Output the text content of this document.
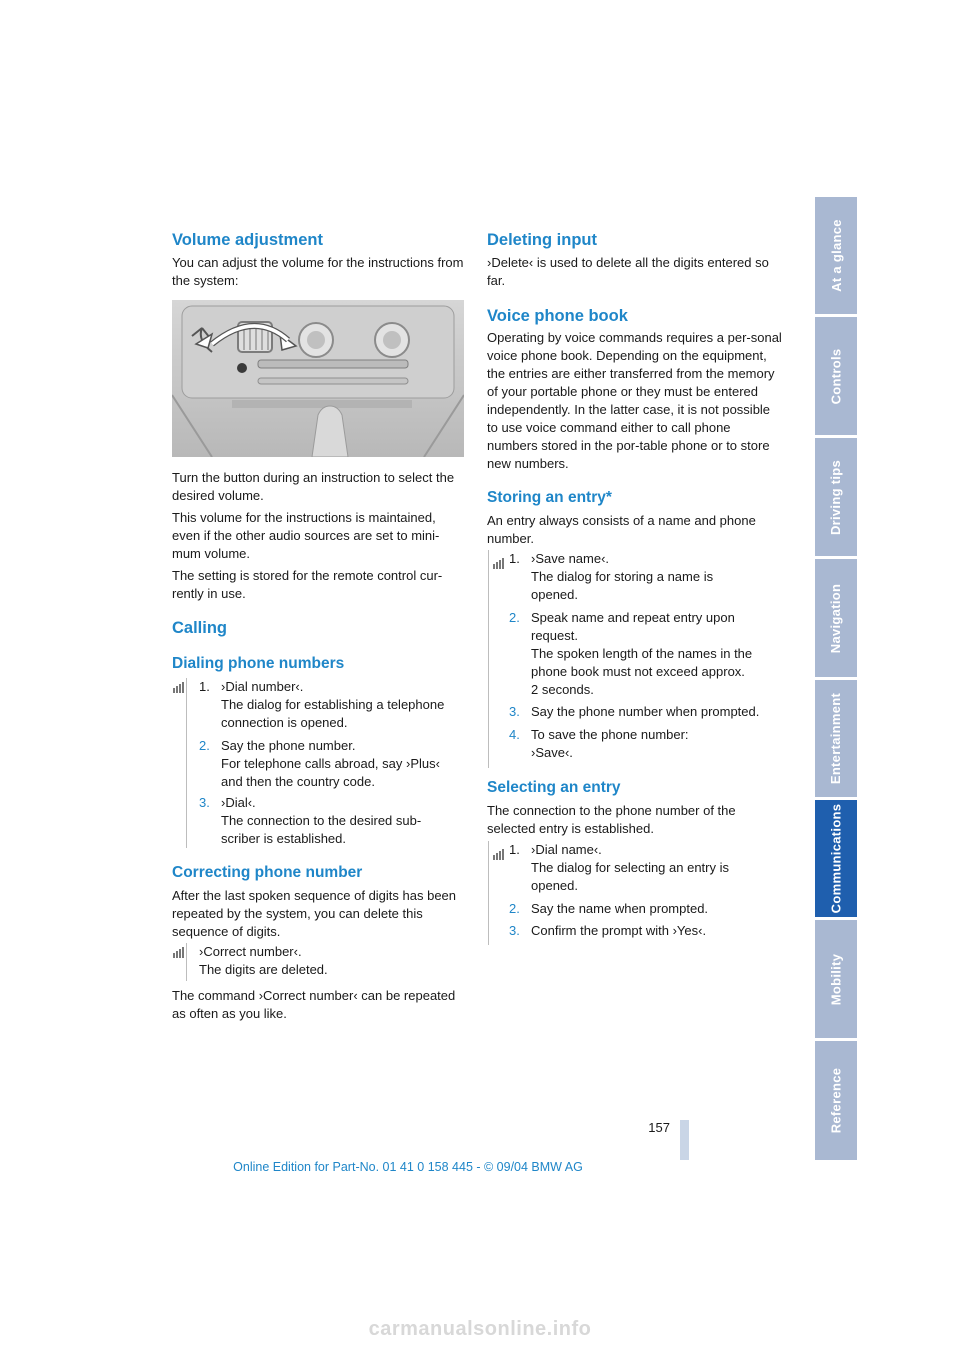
Volume adjustment

You can adjust the volume for the instructions from the system:

Turn the button during an instruction to select the desired volume.

This volume for the instructions is maintained, even if the other audio sources are set to mini-mum volume.

The setting is stored for the remote control cur-rently in use.

Calling
Dialing phone numbers
1. ›Dial number‹.
The dialog for establishing a telephone
connection is opened.
2. Say the phone number.
For telephone calls abroad, say ›Plus‹
and then the country code.
3. ›Dial‹.
The connection to the desired sub-
scriber is established.
Correcting phone number

After the last spoken sequence of digits has been repeated by the system, you can delete this sequence of digits.

›Correct number‹.
The digits are deleted.

The command ›Correct number‹ can be repeated as often as you like.

Deleting input

›Delete‹ is used to delete all the digits entered so far.

Voice phone book

Operating by voice commands requires a per-sonal voice phone book. Depending on the equipment, the entries are either transferred from the memory of your portable phone or they must be entered independently. In the latter case, it is not possible to use voice command either to call phone numbers stored in the por-table phone or to store new numbers.

Storing an entry*

An entry always consists of a name and phone number.

1. ›Save name‹.
The dialog for storing a name is
opened.
2. Speak name and repeat entry upon
request.
The spoken length of the names in the
phone book must not exceed approx.
2 seconds.
3. Say the phone number when prompted.
4. To save the phone number:
›Save‹.
Selecting an entry

The connection to the phone number of the selected entry is established.

1. ›Dial name‹.
The dialog for selecting an entry is
opened.
2. Say the name when prompted.
3. Confirm the prompt with ›Yes‹.
At a glance
Controls
Driving tips
Navigation
Entertainment
Communications
Mobility
Reference
157
Online Edition for Part-No. 01 41 0 158 445 - © 09/04 BMW AG
carmanualsonline.info
